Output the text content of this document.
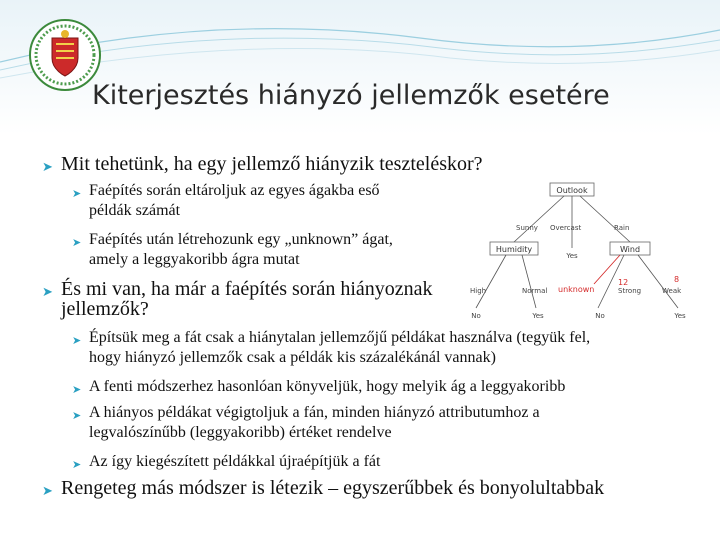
Kiterjesztés hiányzó jellemzők esetére

➤ Mit tehetünk, ha egy jellemző hiányzik teszteléskor?

➤ Faépítés során eltároljuk az egyes ágakba eső
példák számát

➤ Faépítés után létrehozunk egy „unknown” ágat,
amely a leggyakoribb ágra mutat

➤ És mi van, ha már a faépítés során hiányoznak
jellemzők?

➤ Építsük meg a fát csak a hiánytalan jellemzőjű példákat használva (tegyük fel,
hogy hiányzó jellemzők csak a példák kis százalékánál vannak)

➤ A fenti módszerhez hasonlóan könyveljük, hogy melyik ág a leggyakoribb

➤ A hiányos példákat végigtoljuk a fán, minden hiányzó attributumhoz a
legvalószínűbb (leggyakoribb) értéket rendelve

➤ Az így kiegészített példákkal újraépítjük a fát

➤ Rengeteg más módszer is létezik – egyszerűbbek és bonyolultabbak

Outlook
Sunny Overcast	Rain
Humidity
Yes
Wind
High	Normal
No	Yes
Strong	Weak
No	Yes
unknown
12	8
